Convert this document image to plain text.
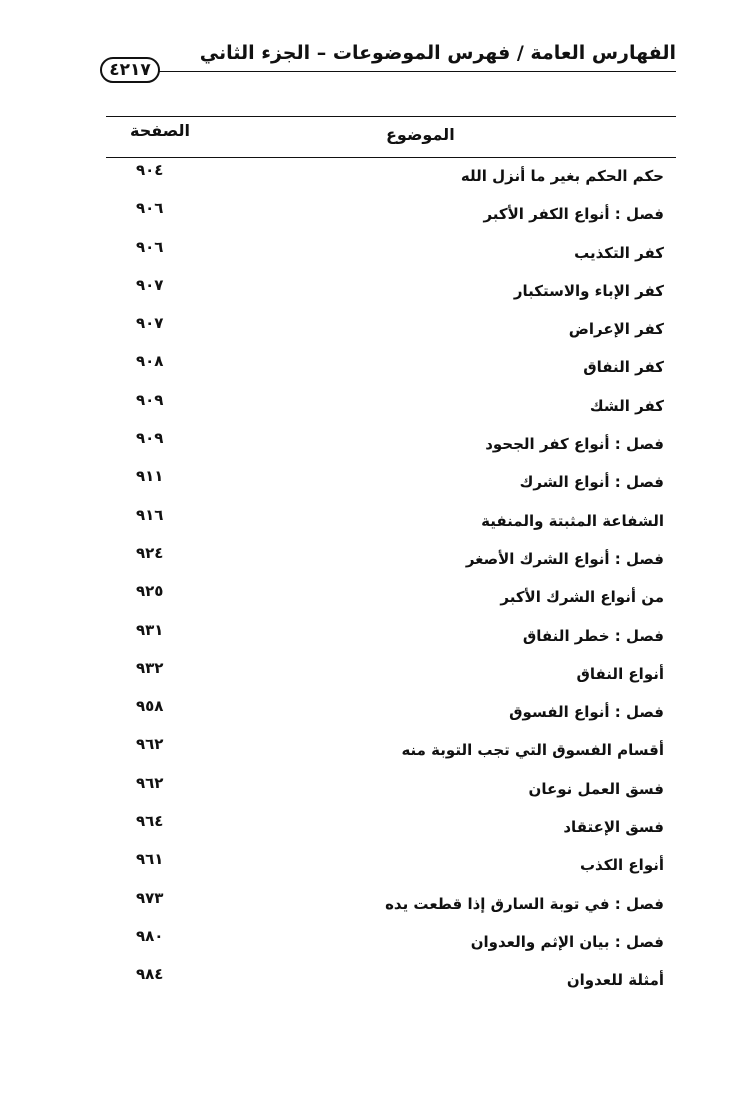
٤٢١٧
الفهارس العامة / فهرس الموضوعات – الجزء الثاني
الموضوع
الصفحة
حكم الحكم بغير ما أنزل الله
٩٠٤
فصل : أنواع الكفر الأكبر
٩٠٦
كفر التكذيب
٩٠٦
كفر الإباء والاستكبار
٩٠٧
كفر الإعراض
٩٠٧
كفر النفاق
٩٠٨
كفر الشك
٩٠٩
فصل : أنواع كفر الجحود
٩٠٩
فصل : أنواع الشرك
٩١١
الشفاعة المثبتة والمنفية
٩١٦
فصل : أنواع الشرك الأصغر
٩٢٤
من أنواع الشرك الأكبر
٩٢٥
فصل : خطر النفاق
٩٣١
أنواع النفاق
٩٣٢
فصل : أنواع الفسوق
٩٥٨
أقسام الفسوق التي تجب التوبة منه
٩٦٢
فسق العمل نوعان
٩٦٢
فسق الإعتقاد
٩٦٤
أنواع الكذب
٩٦١
فصل : في توبة السارق إذا قطعت يده
٩٧٣
فصل : بيان الإثم والعدوان
٩٨٠
أمثلة للعدوان
٩٨٤
